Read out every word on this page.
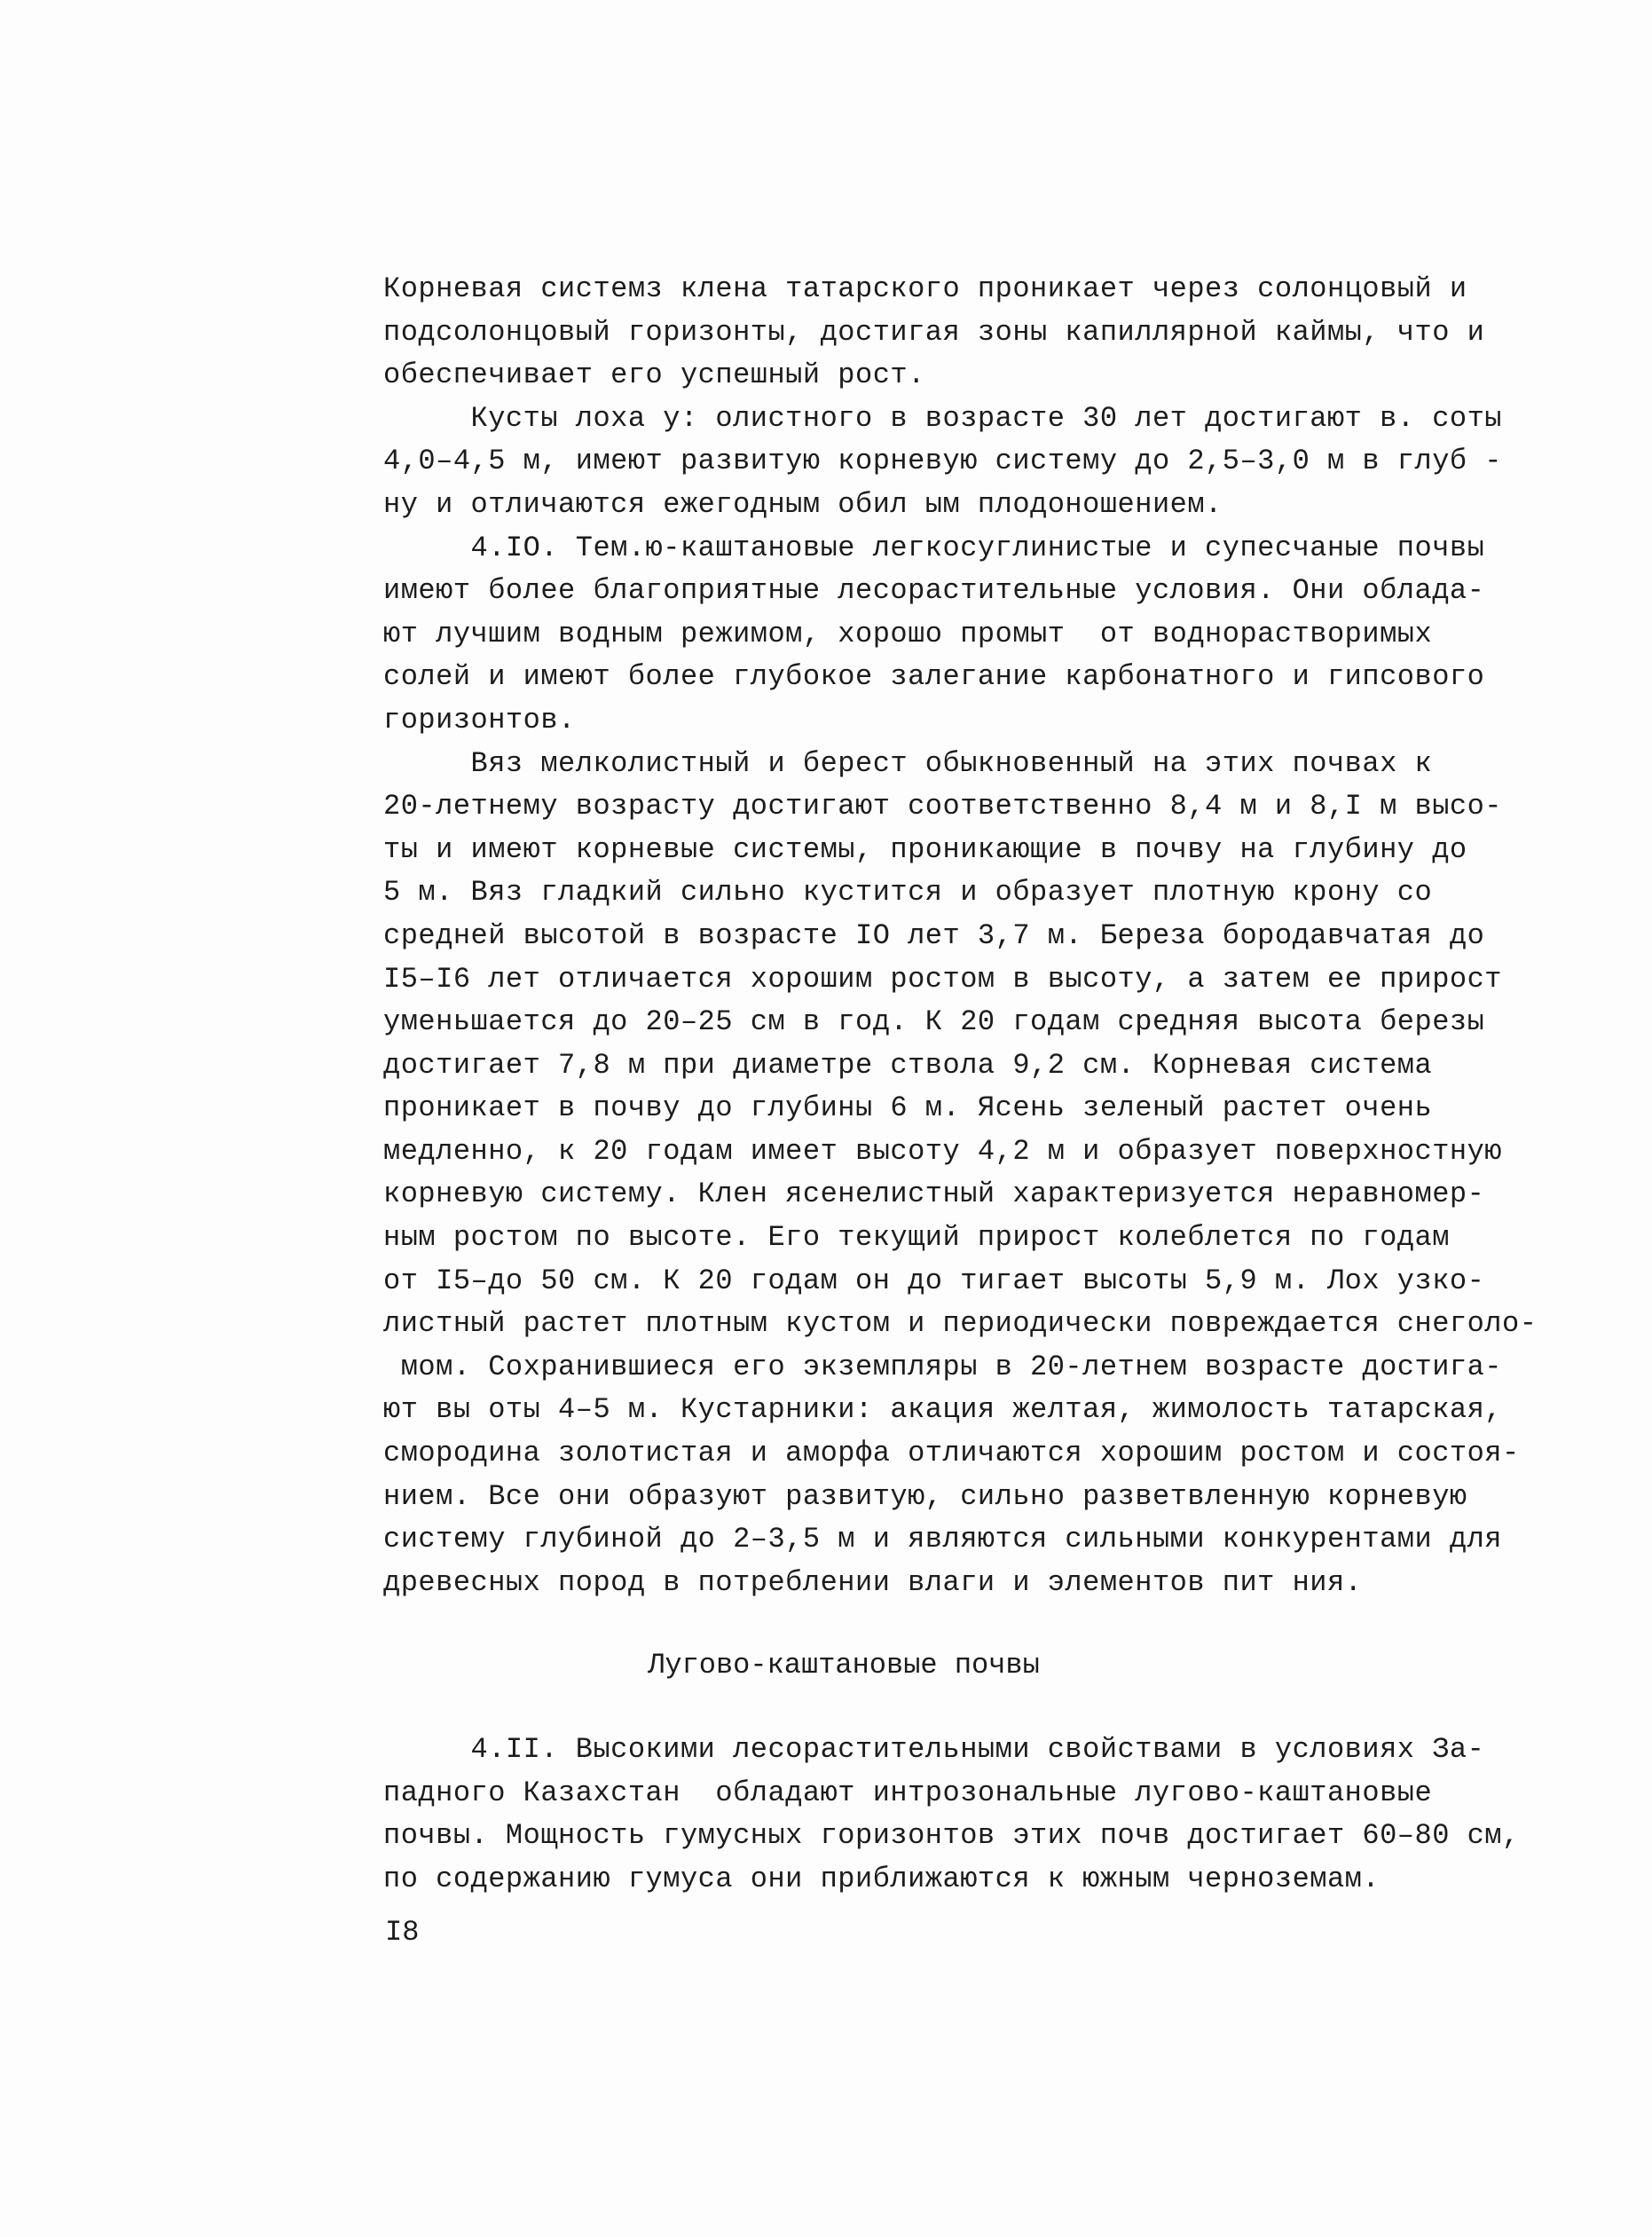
Корневая системз клена татарского проникает через солонцовый и
подсолонцовый горизонты, достигая зоны капиллярной каймы, что и
обеспечивает его успешный рост.
Кусты лоха у: олистного в возрасте 30 лет достигают в. соты
4,0–4,5 м, имеют развитую корневую систему до 2,5–3,0 м в глуб -
ну и отличаются ежегодным обил ым плодоношением.
4.IO. Тем.ю-каштановые легкосуглинистые и супесчаные почвы
имеют более благоприятные лесорастительные условия. Они облада-
ют лучшим водным режимом, хорошо промыт  от воднорастворимых
солей и имеют более глубокое залегание карбонатного и гипсового
горизонтов.
Вяз мелколистный и берест обыкновенный на этих почвах к
20-летнему возрасту достигают соответственно 8,4 м и 8,I м высо-
ты и имеют корневые системы, проникающие в почву на глубину до
5 м. Вяз гладкий сильно кустится и образует плотную крону со
средней высотой в возрасте IO лет 3,7 м. Береза бородавчатая до
I5–I6 лет отличается хорошим ростом в высоту, а затем ее прирост
уменьшается до 20–25 см в год. К 20 годам средняя высота березы
достигает 7,8 м при диаметре ствола 9,2 см. Корневая система
проникает в почву до глубины 6 м. Ясень зеленый растет очень
медленно, к 20 годам имеет высоту 4,2 м и образует поверхностную
корневую систему. Клен ясенелистный характеризуется неравномер-
ным ростом по высоте. Его текущий прирост колеблется по годам
от I5–до 50 см. К 20 годам он до тигает высоты 5,9 м. Лох узко-
листный растет плотным кустом и периодически повреждается снеголо-
мом. Сохранившиеся его экземпляры в 20-летнем возрасте достига-
ют вы оты 4–5 м. Кустарники: акация желтая, жимолость татарская,
смородина золотистая и аморфа отличаются хорошим ростом и состоя-
нием. Все они образуют развитую, сильно разветвленную корневую
систему глубиной до 2–3,5 м и являются сильными конкурентами для
древесных пород в потреблении влаги и элементов пит ния.
Лугово-каштановые почвы
4.II. Высокими лесорастительными свойствами в условиях За-
падного Казахстан  обладают интрозональные лугово-каштановые
почвы. Мощность гумусных горизонтов этих почв достигает 60–80 см,
по содержанию гумуса они приближаются к южным черноземам.
I8
